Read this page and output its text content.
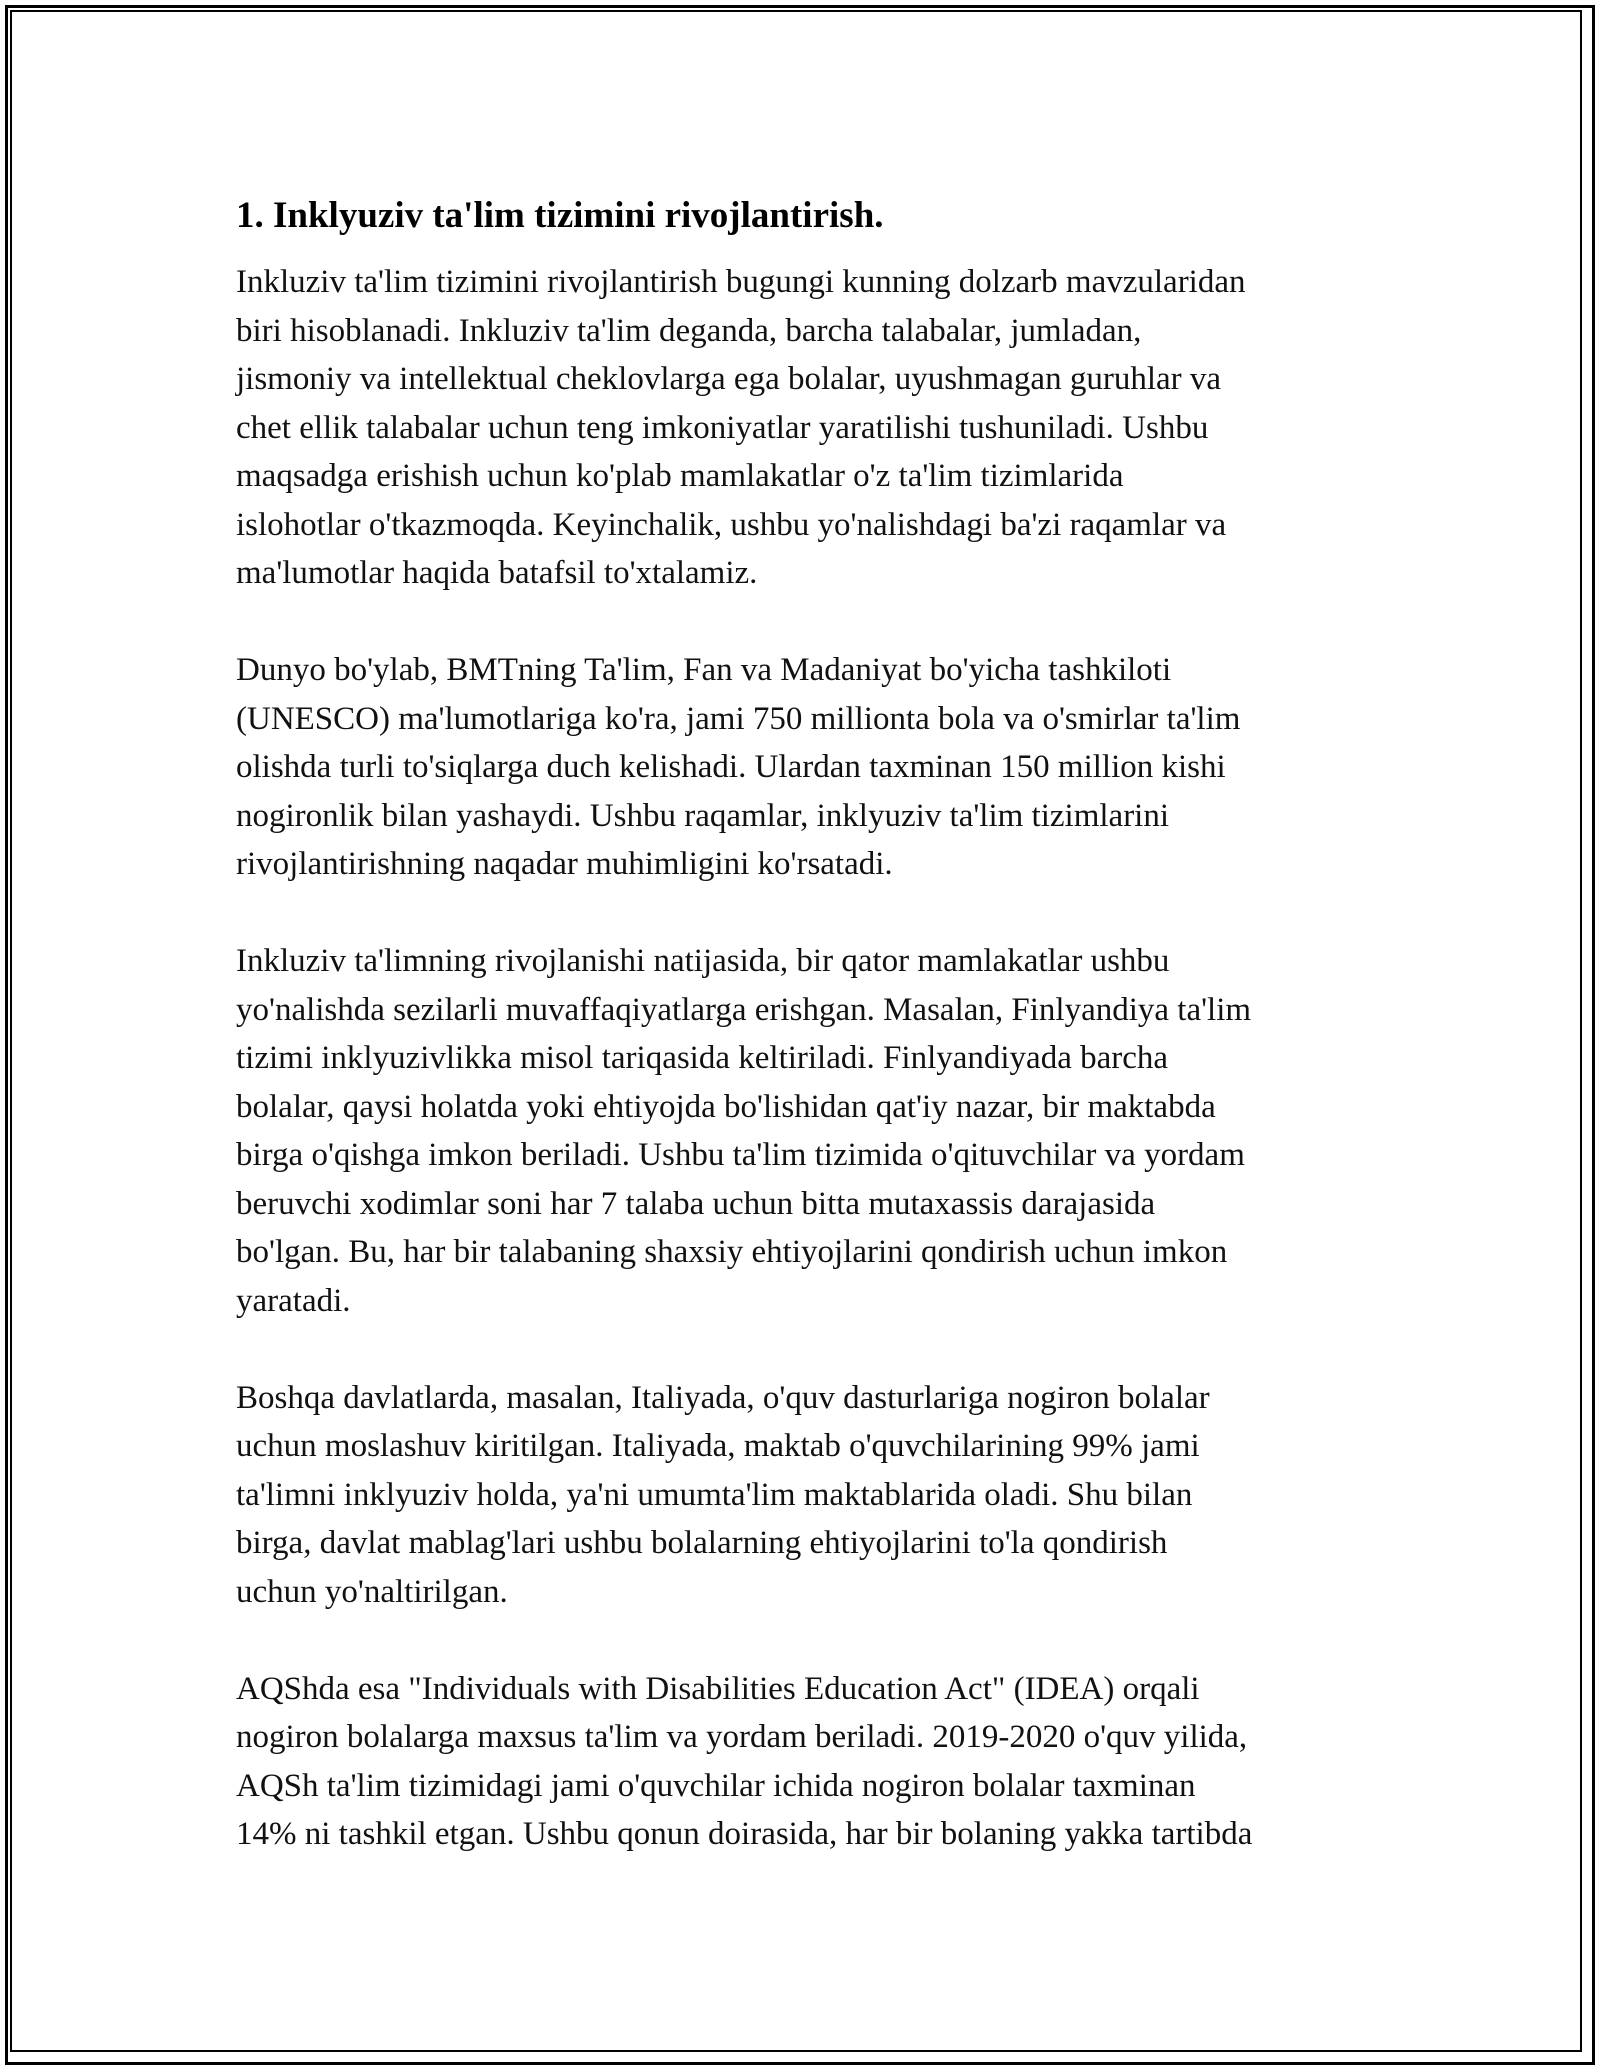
1. Inklyuziv ta'lim tizimini rivojlantirish.

Inkluziv ta'lim tizimini rivojlantirish bugungi kunning dolzarb mavzularidan
biri hisoblanadi. Inkluziv ta'lim deganda, barcha talabalar, jumladan,
jismoniy va intellektual cheklovlarga ega bolalar, uyushmagan guruhlar va
chet ellik talabalar uchun teng imkoniyatlar yaratilishi tushuniladi. Ushbu
maqsadga erishish uchun ko'plab mamlakatlar o'z ta'lim tizimlarida
islohotlar o'tkazmoqda. Keyinchalik, ushbu yo'nalishdagi ba'zi raqamlar va
ma'lumotlar haqida batafsil to'xtalamiz.

Dunyo bo'ylab, BMTning Ta'lim, Fan va Madaniyat bo'yicha tashkiloti
(UNESCO) ma'lumotlariga ko'ra, jami 750 millionta bola va o'smirlar ta'lim
olishda turli to'siqlarga duch kelishadi. Ulardan taxminan 150 million kishi
nogironlik bilan yashaydi. Ushbu raqamlar, inklyuziv ta'lim tizimlarini
rivojlantirishning naqadar muhimligini ko'rsatadi.

Inkluziv ta'limning rivojlanishi natijasida, bir qator mamlakatlar ushbu
yo'nalishda sezilarli muvaffaqiyatlarga erishgan. Masalan, Finlyandiya ta'lim
tizimi inklyuzivlikka misol tariqasida keltiriladi. Finlyandiyada barcha
bolalar, qaysi holatda yoki ehtiyojda bo'lishidan qat'iy nazar, bir maktabda
birga o'qishga imkon beriladi. Ushbu ta'lim tizimida o'qituvchilar va yordam
beruvchi xodimlar soni har 7 talaba uchun bitta mutaxassis darajasida
bo'lgan. Bu, har bir talabaning shaxsiy ehtiyojlarini qondirish uchun imkon
yaratadi.

Boshqa davlatlarda, masalan, Italiyada, o'quv dasturlariga nogiron bolalar
uchun moslashuv kiritilgan. Italiyada, maktab o'quvchilarining 99% jami
ta'limni inklyuziv holda, ya'ni umumta'lim maktablarida oladi. Shu bilan
birga, davlat mablag'lari ushbu bolalarning ehtiyojlarini to'la qondirish
uchun yo'naltirilgan.

AQShda esa "Individuals with Disabilities Education Act" (IDEA) orqali
nogiron bolalarga maxsus ta'lim va yordam beriladi. 2019-2020 o'quv yilida,
AQSh ta'lim tizimidagi jami o'quvchilar ichida nogiron bolalar taxminan
14% ni tashkil etgan. Ushbu qonun doirasida, har bir bolaning yakka tartibda
